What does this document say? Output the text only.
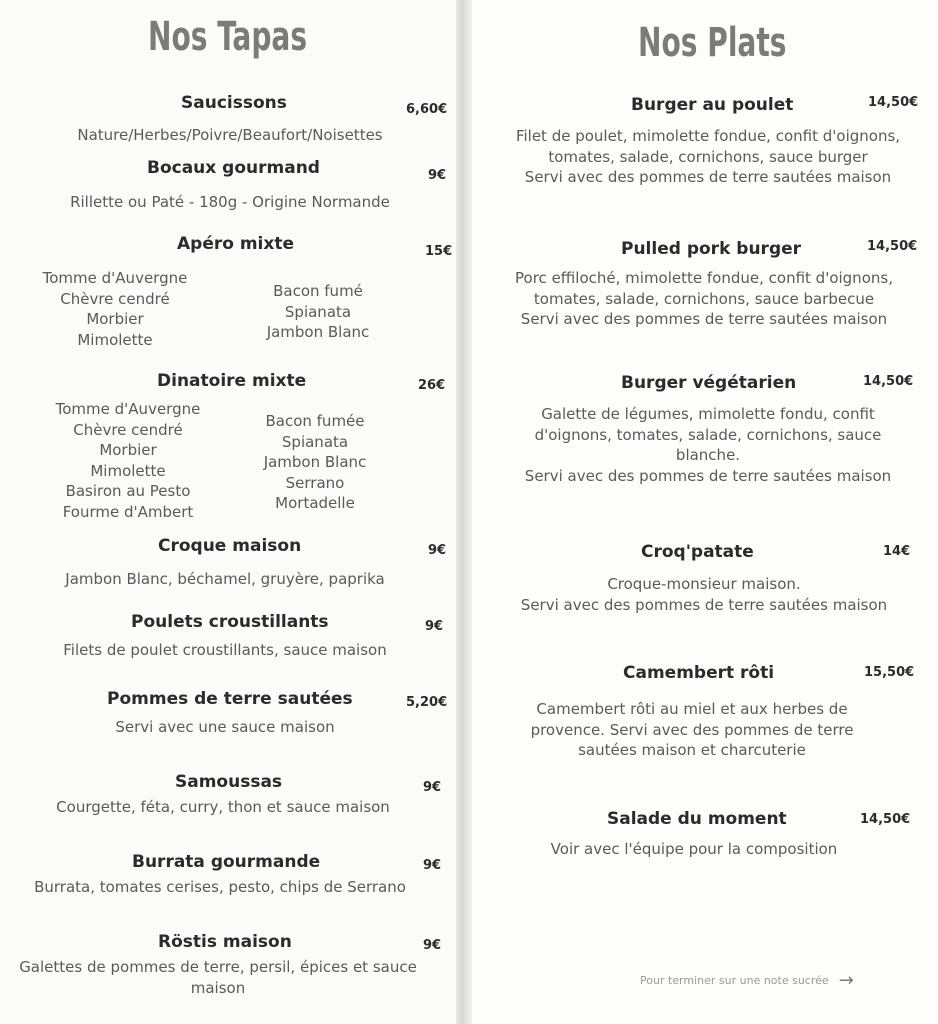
Nos Tapas
Saucissons	6,60€
Nature/Herbes/Poivre/Beaufort/Noisettes
Bocaux gourmand	9€
Rillette ou Paté - 180g - Origine Normande
Apéro mixte	15€
Tomme d'Auvergne
Chèvre cendré
Morbier
Mimolette
Bacon fumé
Spianata
Jambon Blanc
Dinatoire mixte	26€
Tomme d'Auvergne
Chèvre cendré
Morbier
Mimolette
Basiron au Pesto
Fourme d'Ambert
Bacon fumée
Spianata
Jambon Blanc
Serrano
Mortadelle
Croque maison	9€
Jambon Blanc, béchamel, gruyère, paprika
Poulets croustillants	9€
Filets de poulet croustillants, sauce maison
Pommes de terre sautées	5,20€
Servi avec une sauce maison
Samoussas	9€
Courgette, féta, curry, thon et sauce maison
Burrata gourmande	9€
Burrata, tomates cerises, pesto, chips de Serrano
Röstis maison	9€
Galettes de pommes de terre, persil, épices et sauce
maison
Nos Plats
Burger au poulet	14,50€
Filet de poulet, mimolette fondue, confit d'oignons,
tomates, salade, cornichons, sauce burger
Servi avec des pommes de terre sautées maison
Pulled pork burger	14,50€
Porc effiloché, mimolette fondue, confit d'oignons,
tomates, salade, cornichons, sauce barbecue
Servi avec des pommes de terre sautées maison
Burger végétarien	14,50€
Galette de légumes, mimolette fondu, confit
d'oignons, tomates, salade, cornichons, sauce
blanche.
Servi avec des pommes de terre sautées maison
Croq'patate	14€
Croque-monsieur maison.
Servi avec des pommes de terre sautées maison
Camembert rôti	15,50€
Camembert rôti au miel et aux herbes de
provence. Servi avec des pommes de terre
sautées maison et charcuterie
Salade du moment	14,50€
Voir avec l'équipe pour la composition
Pour terminer sur une note sucrée →
